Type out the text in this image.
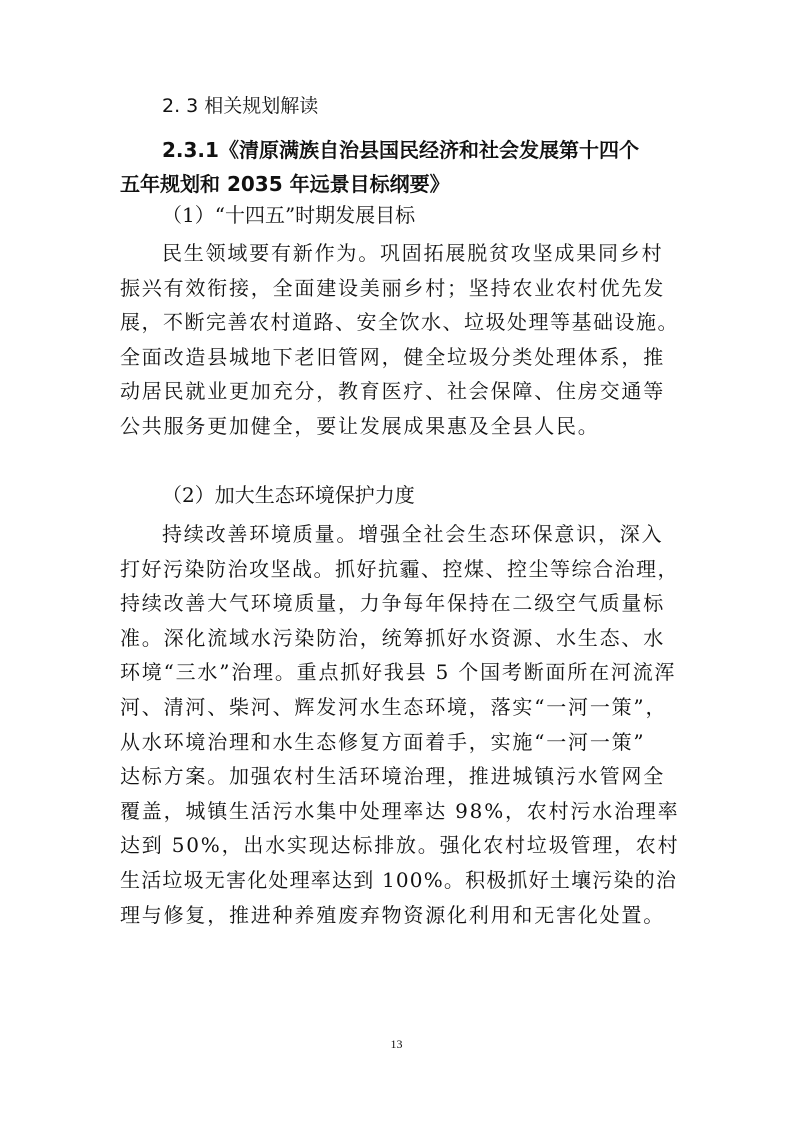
2. 3 相关规划解读
2.3.1《清原满族自治县国民经济和社会发展第十四个
五年规划和 2035 年远景目标纲要》
（1）“十四五”时期发展目标
民生领域要有新作为。巩固拓展脱贫攻坚成果同乡村
振兴有效衔接，全面建设美丽乡村；坚持农业农村优先发
展，不断完善农村道路、安全饮水、垃圾处理等基础设施。
全面改造县城地下老旧管网，健全垃圾分类处理体系，推
动居民就业更加充分，教育医疗、社会保障、住房交通等
公共服务更加健全，要让发展成果惠及全县人民。
（2）加大生态环境保护力度
持续改善环境质量。增强全社会生态环保意识，深入
打好污染防治攻坚战。抓好抗霾、控煤、控尘等综合治理，
持续改善大气环境质量，力争每年保持在二级空气质量标
准。深化流域水污染防治，统筹抓好水资源、水生态、水
环境“三水”治理。重点抓好我县 5 个国考断面所在河流浑
河、清河、柴河、辉发河水生态环境，落实“一河一策”，
从水环境治理和水生态修复方面着手，实施“一河一策”
达标方案。加强农村生活环境治理，推进城镇污水管网全
覆盖，城镇生活污水集中处理率达 98%，农村污水治理率
达到 50%，出水实现达标排放。强化农村垃圾管理，农村
生活垃圾无害化处理率达到 100%。积极抓好土壤污染的治
理与修复，推进种养殖废弃物资源化利用和无害化处置。
13
